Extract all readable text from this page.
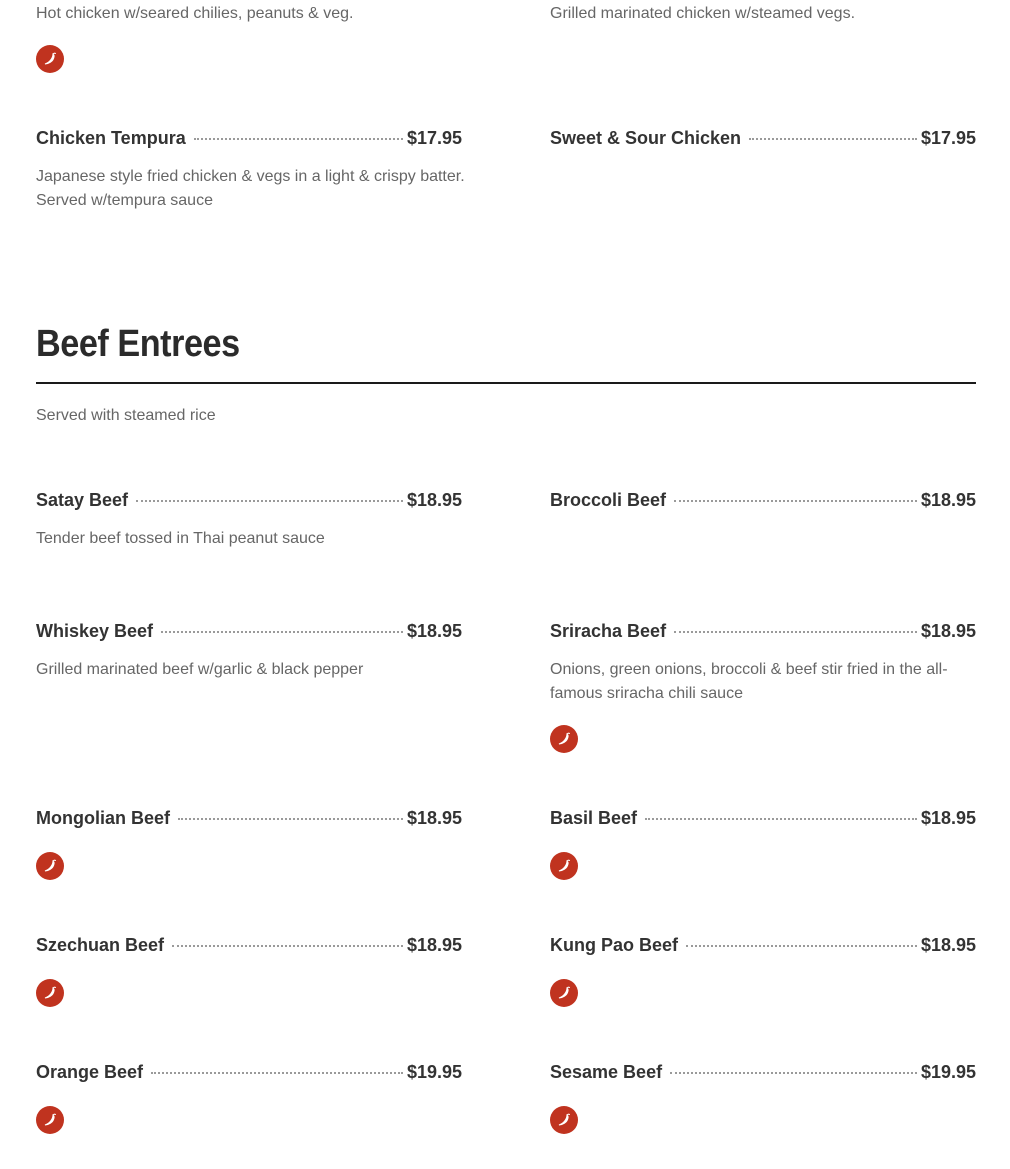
Hot chicken w/seared chilies, peanuts & veg.	Grilled marinated chicken w/steamed vegs.

Chicken Tempura	$17.95

Japanese style fried chicken & vegs in a light & crispy batter. Served w/tempura sauce

Sweet & Sour Chicken	$17.95
Beef Entrees

Served with steamed rice

Satay Beef	$18.95

Tender beef tossed in Thai peanut sauce

Broccoli Beef	$18.95
Whiskey Beef	$18.95

Grilled marinated beef w/garlic & black pepper

Sriracha Beef	$18.95

Onions, green onions, broccoli & beef stir fried in the all-famous sriracha chili sauce

Mongolian Beef	$18.95	Basil Beef	$18.95
Szechuan Beef	$18.95	Kung Pao Beef	$18.95
Orange Beef	$19.95	Sesame Beef	$19.95
